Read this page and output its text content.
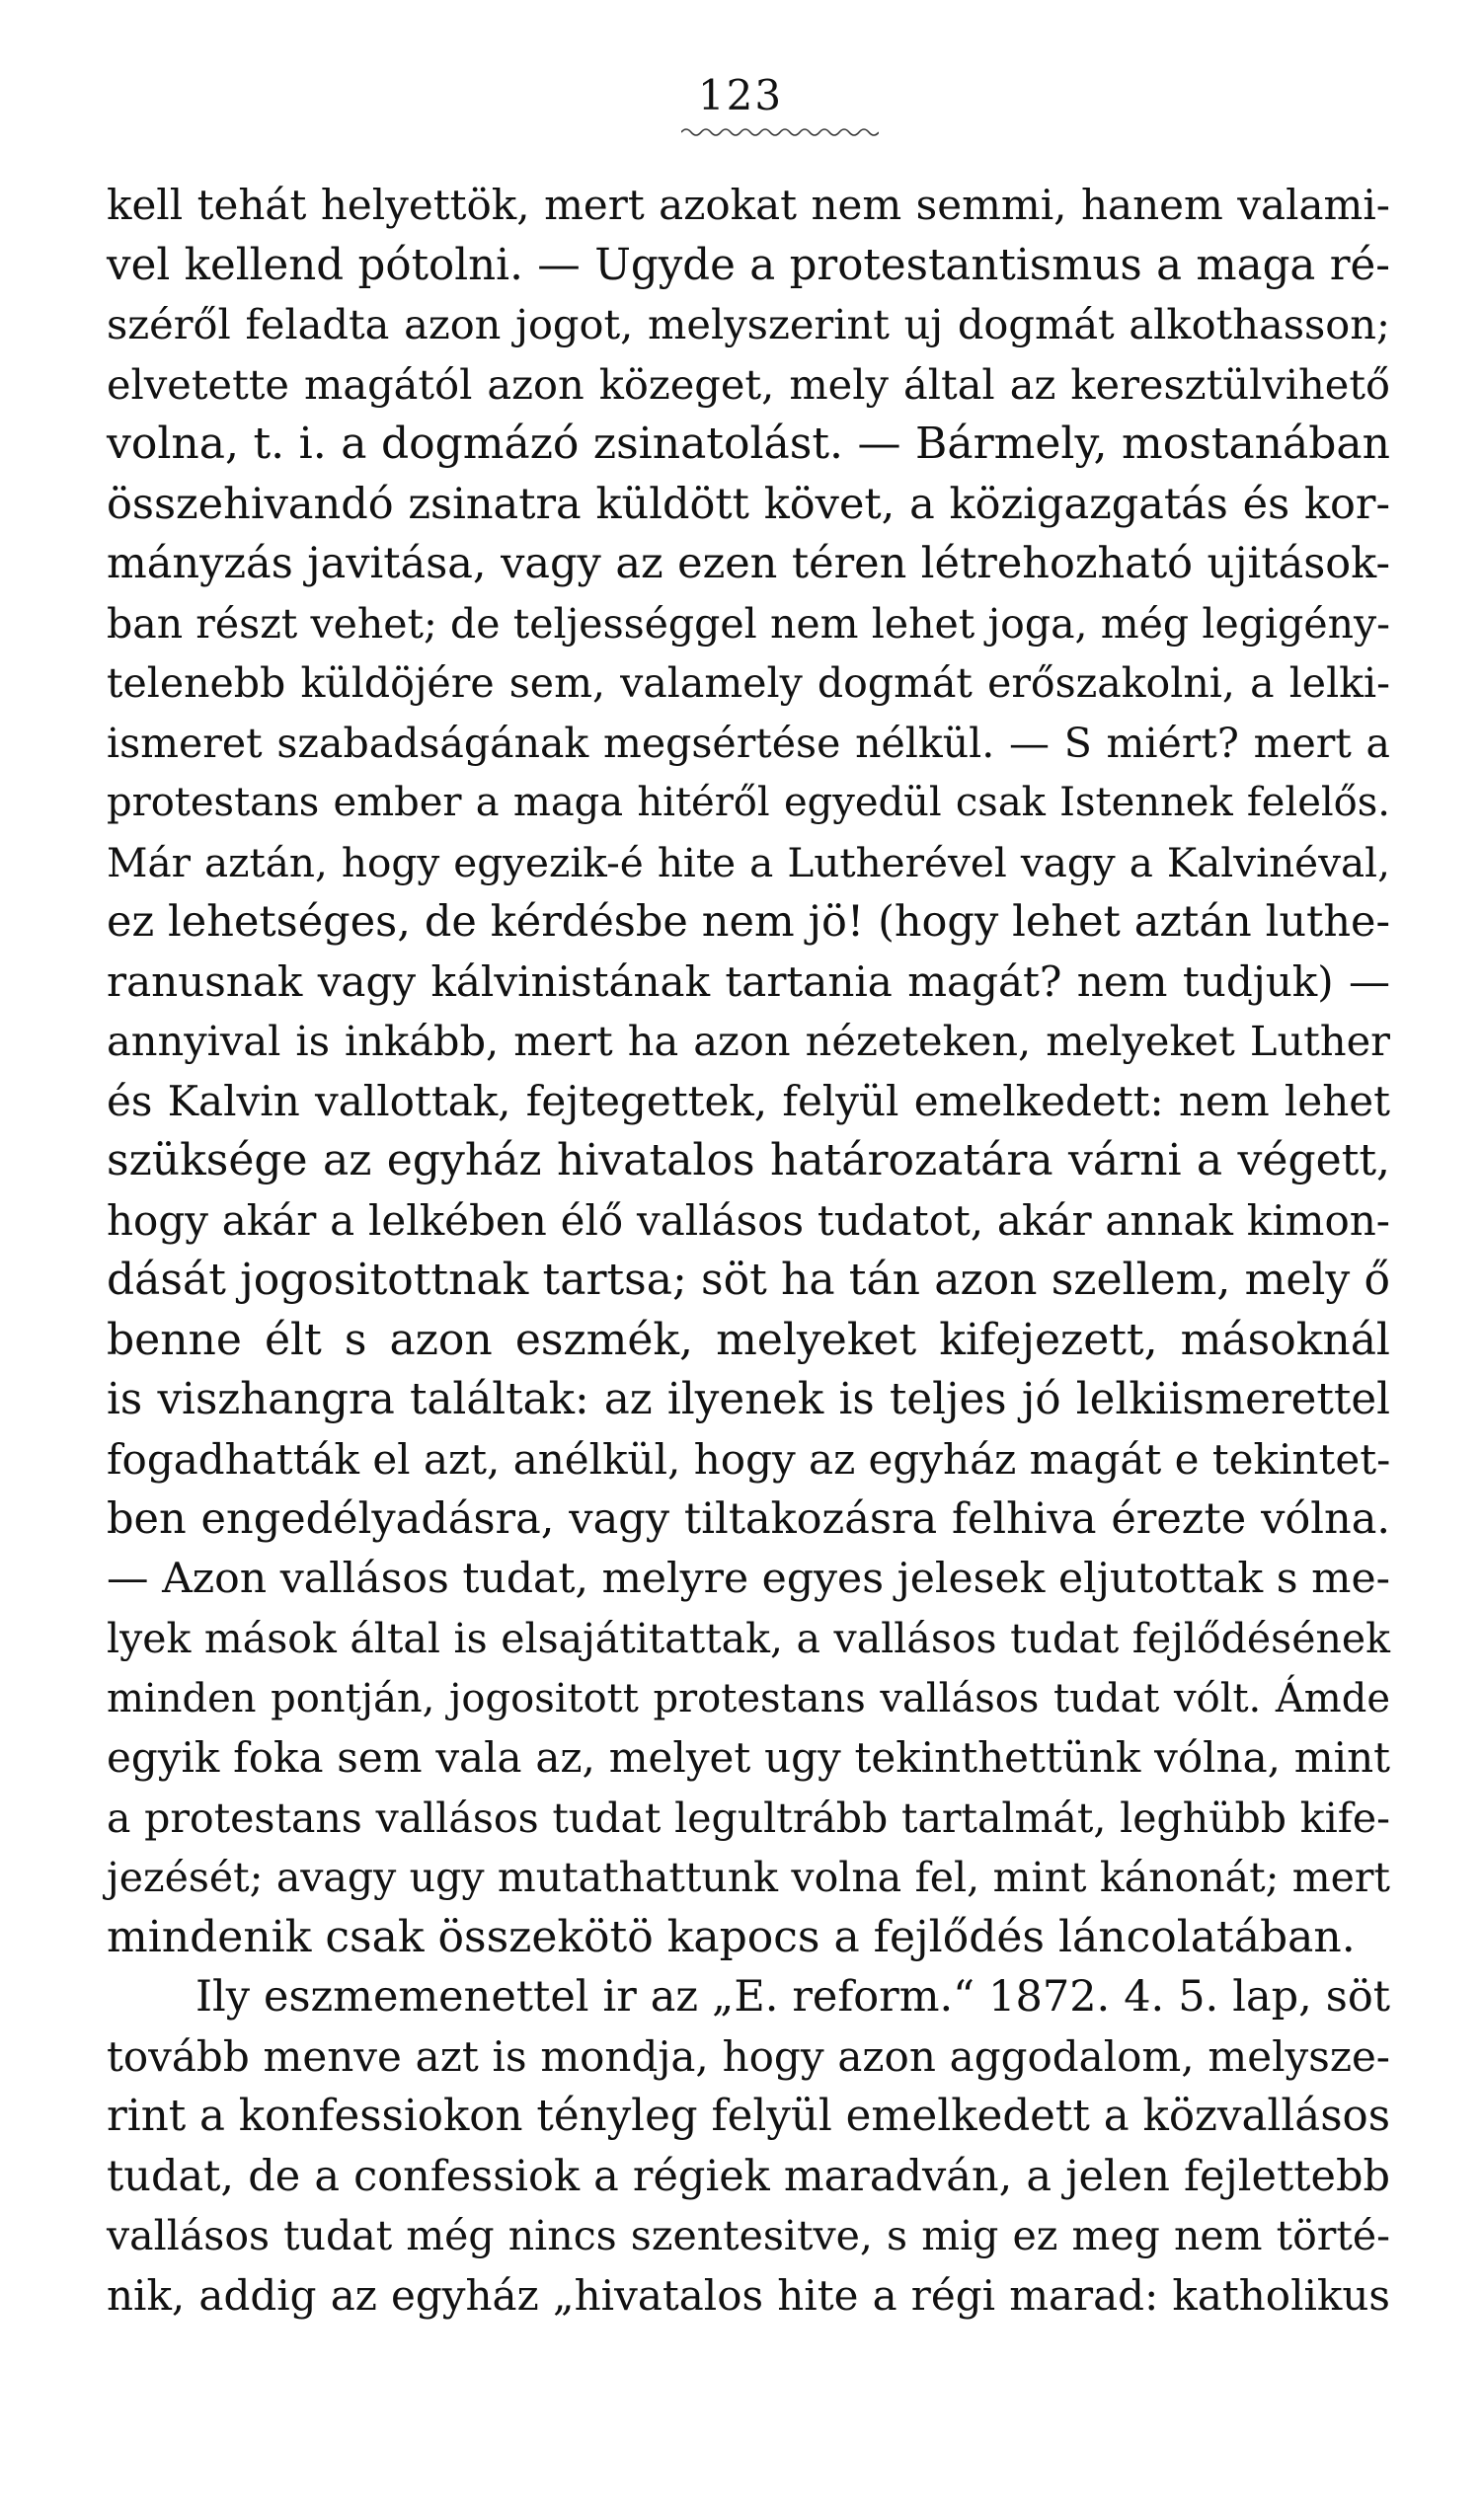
123
kell tehát helyettök, mert azokat nem semmi, hanem valami-
vel kellend pótolni. — Ugyde a protestantismus a maga ré-
széről feladta azon jogot, melyszerint uj dogmát alkothasson;
elvetette magától azon közeget, mely által az keresztülvihető
volna, t. i. a dogmázó zsinatolást. — Bármely, mostanában
összehivandó zsinatra küldött követ, a közigazgatás és kor-
mányzás javitása, vagy az ezen téren létrehozható ujitások-
ban részt vehet; de teljességgel nem lehet joga, még legigény-
telenebb küldöjére sem, valamely dogmát erőszakolni, a lelki-
ismeret szabadságának megsértése nélkül. — S miért? mert a
protestans ember a maga hitéről egyedül csak Istennek felelős.
Már aztán, hogy egyezik-é hite a Lutherével vagy a Kalvinéval,
ez lehetséges, de kérdésbe nem jö! (hogy lehet aztán luthe-
ranusnak vagy kálvinistának tartania magát? nem tudjuk) —
annyival is inkább, mert ha azon nézeteken, melyeket Luther
és Kalvin vallottak, fejtegettek, felyül emelkedett: nem lehet
szüksége az egyház hivatalos határozatára várni a végett,
hogy akár a lelkében élő vallásos tudatot, akár annak kimon-
dását jogositottnak tartsa; söt ha tán azon szellem, mely ő
benne élt s azon eszmék, melyeket kifejezett, másoknál
is viszhangra találtak: az ilyenek is teljes jó lelkiismerettel
fogadhatták el azt, anélkül, hogy az egyház magát e tekintet-
ben engedélyadásra, vagy tiltakozásra felhiva érezte vólna.
— Azon vallásos tudat, melyre egyes jelesek eljutottak s me-
lyek mások által is elsajátitattak, a vallásos tudat fejlődésének
minden pontján, jogositott protestans vallásos tudat vólt. Ámde
egyik foka sem vala az, melyet ugy tekinthettünk vólna, mint
a protestans vallásos tudat legultrább tartalmát, leghübb kife-
jezését; avagy ugy mutathattunk volna fel, mint kánonát; mert
mindenik csak összekötö kapocs a fejlődés láncolatában.
Ily eszmemenettel ir az „E. reform.“ 1872. 4. 5. lap, söt
tovább menve azt is mondja, hogy azon aggodalom, melysze-
rint a konfessiokon tényleg felyül emelkedett a közvallásos
tudat, de a confessiok a régiek maradván, a jelen fejlettebb
vallásos tudat még nincs szentesitve, s mig ez meg nem törté-
nik, addig az egyház „hivatalos hite a régi marad: katholikus
